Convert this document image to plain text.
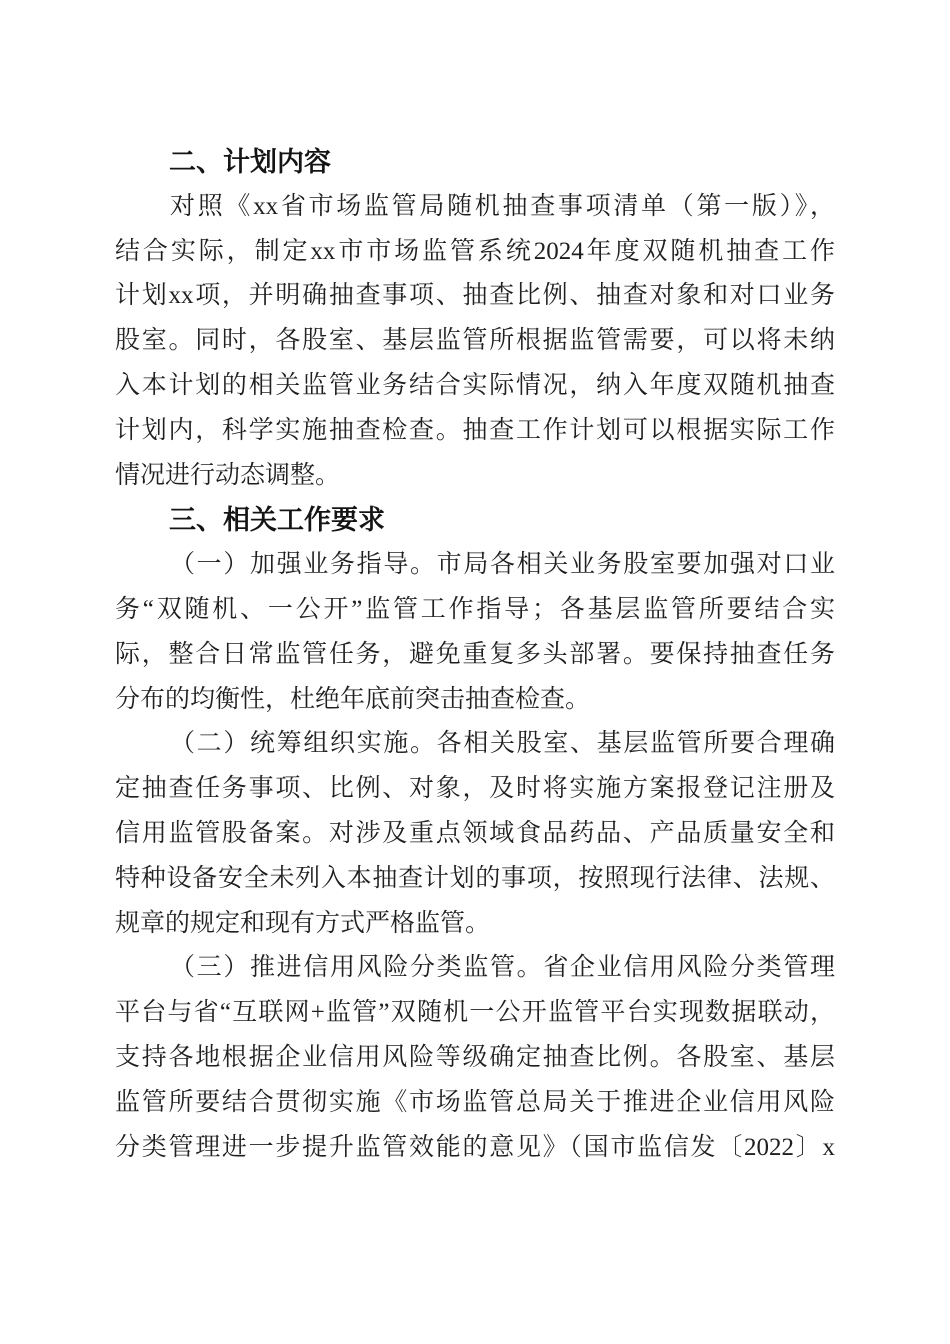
二、计划内容
对照《xx省市场监管局随机抽查事项清单（第一版）》，
结合实际，制定xx市市场监管系统2024年度双随机抽查工作
计划xx项，并明确抽查事项、抽查比例、抽查对象和对口业务
股室。同时，各股室、基层监管所根据监管需要，可以将未纳
入本计划的相关监管业务结合实际情况，纳入年度双随机抽查
计划内，科学实施抽查检查。抽查工作计划可以根据实际工作
情况进行动态调整。
三、相关工作要求
（一）加强业务指导。市局各相关业务股室要加强对口业
务“双随机、一公开”监管工作指导；各基层监管所要结合实
际，整合日常监管任务，避免重复多头部署。要保持抽查任务
分布的均衡性，杜绝年底前突击抽查检查。
（二）统筹组织实施。各相关股室、基层监管所要合理确
定抽查任务事项、比例、对象，及时将实施方案报登记注册及
信用监管股备案。对涉及重点领域食品药品、产品质量安全和
特种设备安全未列入本抽查计划的事项，按照现行法律、法规、
规章的规定和现有方式严格监管。
（三）推进信用风险分类监管。省企业信用风险分类管理
平台与省“互联网+监管”双随机一公开监管平台实现数据联动，
支持各地根据企业信用风险等级确定抽查比例。各股室、基层
监管所要结合贯彻实施《市场监管总局关于推进企业信用风险
分类管理进一步提升监管效能的意见》（国市监信发〔2022〕x
